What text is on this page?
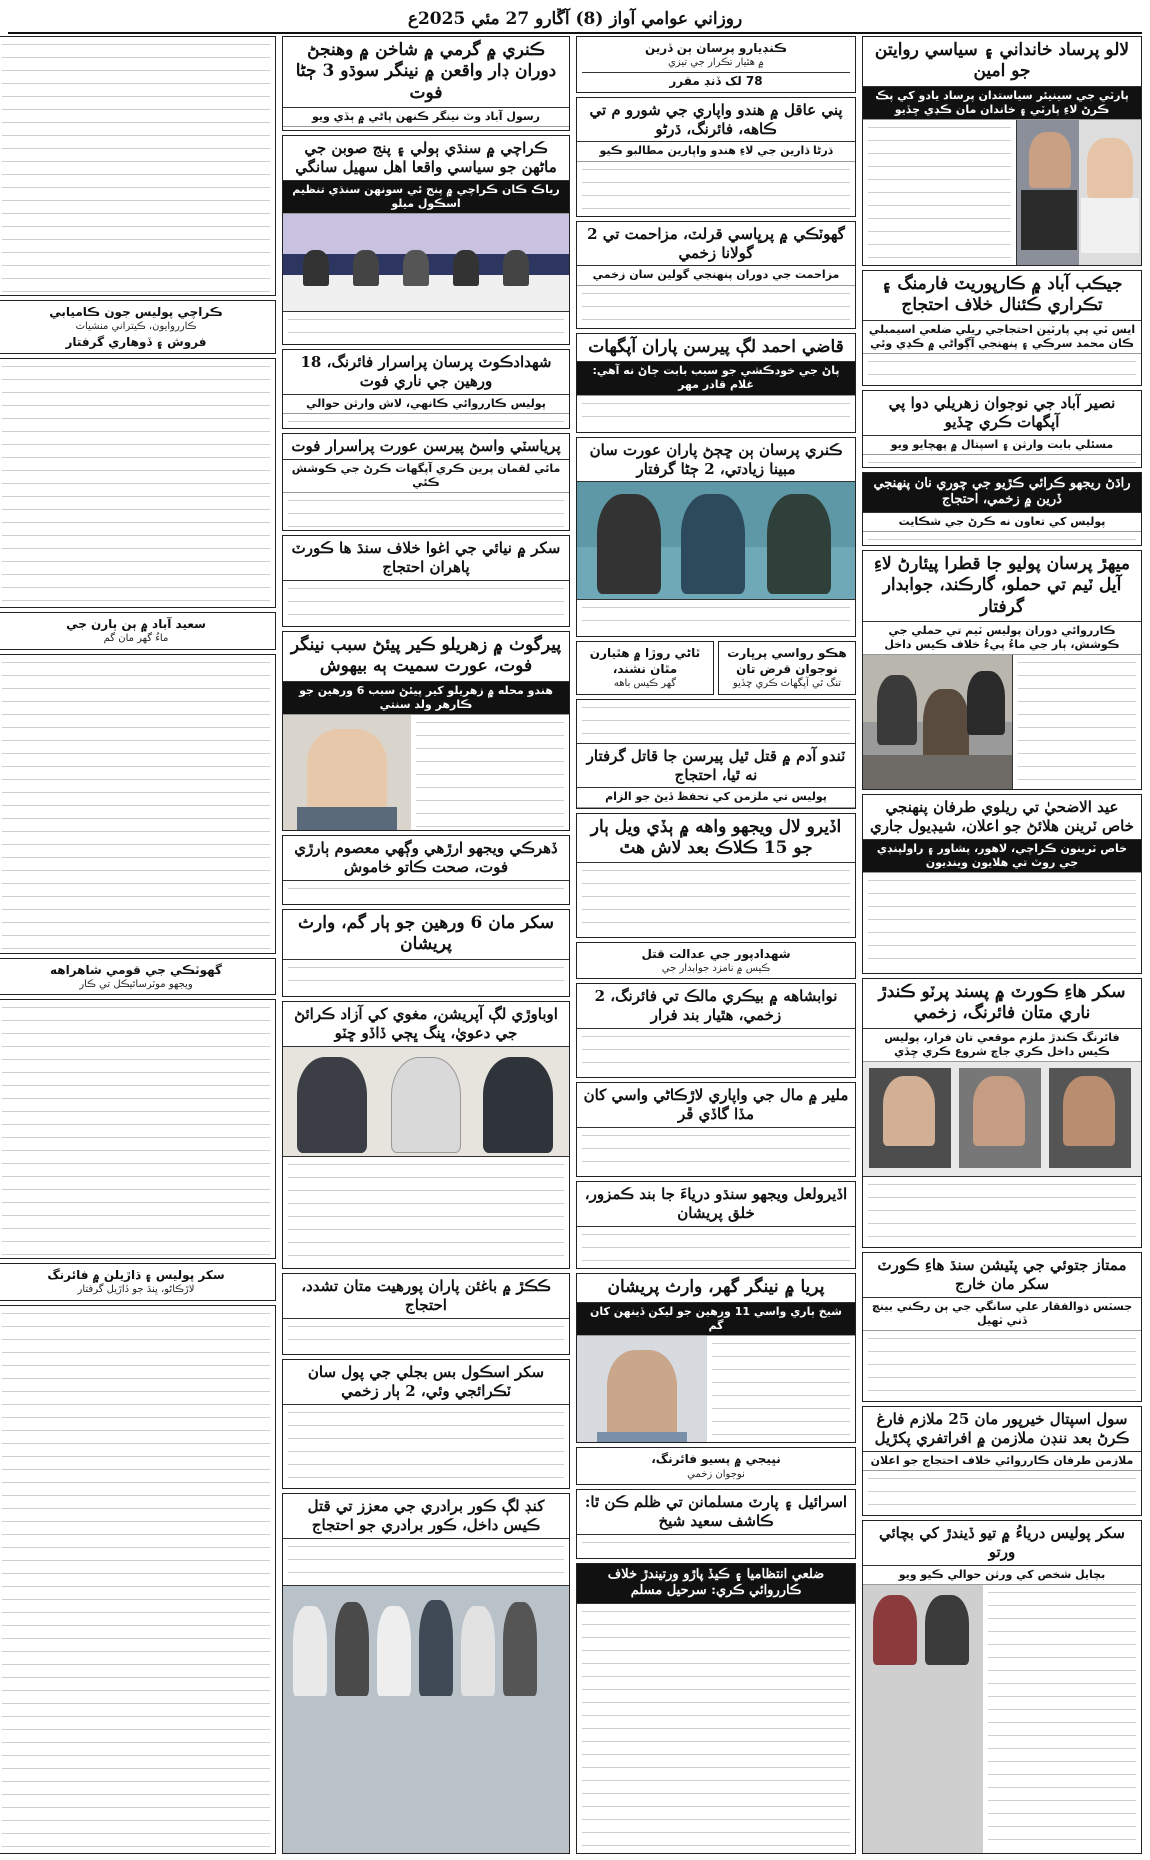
روزاني عوامي آواز (8) آڱارو 27 مئي 2025ع
لالو پرساد خانداني ۽ سياسي روايتن جو امين
پارٽي جي سينيئر سياستدان پرساد يادو کي پڪ ڪرڻ لاءِ پارٽي ۽ خاندان مان ڪڍي ڇڏيو
جيڪب آباد ۾ ڪارپوريٽ فارمنگ ۽ تڪراري ڪئنال خلاف احتجاج
ايس ٽي پي پارٽين احتجاجي ريلي ضلعي اسيمبلي ڪان محمد سرڪي ۽ پنهنجي آڳواڻي ۾ ڪڍي وئي
نصير آباد جي نوجوان زهريلي دوا پي آپگهات ڪري ڇڏيو
مسئلي بابت وارثن ۽ اسپتال ۾ پهچايو ويو
راڌڻ ريجهو ڪرائي ڪڙيو جي چوري نان پنهنجي ڏرين ۾ زخمي، احتجاج
پوليس کي تعاون نه ڪرڻ جي شڪايت
ميهڙ پرسان پوليو جا قطرا پيئارڻ لاءِ آيل ٽيم تي حملو، گارڪند، جوابدار گرفتار
ڪارروائي دوران پوليس ٽيم تي حملي جي ڪوشش، ٻار جي ماءُ پيءُ خلاف ڪيس داخل
عيد الاضحيٰ تي ريلوي طرفان پنهنجي خاص ٽرينن هلائڻ جو اعلان، شيڊيول جاري
خاص ٽرينون ڪراچي، لاهور، پشاور ۽ راولپنڊي جي روٽ تي هلايون وينديون
سکر هاءِ ڪورٽ ۾ پسند پرٽو ڪندڙ ناري متان فائرنگ، زخمي
فائرنگ ڪندڙ ملزم موقعي تان فرار، پوليس ڪيس داخل ڪري جاچ شروع ڪري ڇڏي
ممتاز جتوئي جي پٽيشن سنڌ هاءِ ڪورٽ سکر مان خارج
جسٽس ذوالفقار علي سانگي جي ٻن رڪني بينچ ڏني ٺهيل
سول اسپتال خيرپور مان 25 ملازم فارغ ڪرڻ بعد ننڊن ملازمن ۾ افراتفري پکڙيل
ملازمن طرفان ڪارروائي خلاف احتجاج جو اعلان
سکر پوليس درياءُ ۾ تيو ڏيندڙ کي بچائي ورتو
بچايل شخص کي ورثن حوالي ڪيو ويو
ڪنڊيارو پرسان ٻن ڏرين
۾ هٿيار تڪرار جي تيزي
78 لک ڏنڊ مقرر
پني عاقل ۾ هندو واپاري جي شورو م تي ڪاهه، فائرنگ، ڌرڻو
ڌرڻا ڌارين جي لاءِ هندو واپارين مطالبو ڪيو
گهوٽڪي ۾ پرڀاسي قرلٽ، مزاحمت تي 2 گولانا زخمي
مزاحمت جي دوران پنهنجي گولين سان زخمي
قاضي احمد لڳ پيرسن پاران آپگهات
پاڻ جي خودڪشي جو سبب بابت ڄاڻ نه آهي: غلام قادر مهر
ڪنري پرسان ٻن ڇڄڻ پاران عورت سان مبينا زيادتي، 2 ڄڻا گرفتار
هڪو رواسي پرڀارت نوجوان قرض تان
تنگ ٿي آپگهات ڪري ڇڏيو
ٿاڻي روڙا ۾ هٿيارن مٿان نشند،
گهر ڪيس باهه
ٽندو آدم ۾ قتل ٿيل پيرسن جا قاتل گرفتار نه ٿيا، احتجاج
پوليس تي ملزمن کي تحفظ ڏيڻ جو الزام
اڏيرو لال ويجهو واهه ۾ ٻڏي ويل ٻار جو 15 ڪلاڪ بعد لاش هٿ
شهدادپور جي عدالت قتل
ڪيس ۾ نامزد جوابدار جي
نوابشاهه ۾ بيڪري مالڪ تي فائرنگ، 2 زخمي، هٿيار بند فرار
ملير ۾ مال جي واپاري لاڙڪاڻي واسي کان مڏا گاڏي ڦر
اڏيرولعل ويجهو سنڌو درياءَ جا بند ڪمزور، خلق پريشان
پريا ۾ نينگر گهر، وارث پريشان
شيخ ٻاري واسي 11 ورهين جو ليکن ڏينهن کان گم
نڀيجي ۾ پسيو فائرنگ،
نوجوان زخمي
اسرائيل ۽ پارٽ مسلمانن تي ظلم ڪن ٿا: ڪاشف سعيد شيخ
ضلعي انتظاميا ۽ ڪيڏ پاڙو ورتيندڙ خلاف ڪارروائي ڪري: سرحيل مسلم
ڪنري ۾ گرمي ۾ شاخن ۾ وهنجڻ دوران ڊار واقعن ۾ نينگر سوڌو 3 ڄڻا فوت
رسول آباد وٽ نينگر ڪنهن پاڻي ۾ ٻڏي ويو
ڪراچي ۾ سنڌي ٻولي ۽ پنج صوبن جي ماڻهن جو سياسي واقعا اهل سهيل سانگي
رياڪ ڪان ڪراچي ۾ پنج ئي سونهن سنڌي تنظيم اسڪول ميلو
شهدادڪوٽ پرسان پراسرار فائرنگ، 18 ورهين جي ناري فوت
پوليس ڪارروائي ڪانهي، لاش وارثن حوالي
پرياسٽي واسڻ پيرسن عورت پراسرار فوت
مائي لقمان پرين ڪري آپگهات ڪرڻ جي ڪوشش ڪئي
سکر ۾ نيائي جي اغوا خلاف سنڌ ها ڪورٽ پاهران احتجاج
پيرگوٺ ۾ زهريلو ڪير پيئڻ سبب نينگر فوت، عورت سميت ٻه بيهوش
هندو محله ۾ زهريلو کير پيئڻ سبب 6 ورهين جو ڪارهر ولد سنتي
ڏهرڪي ويجهو ارڙهي وڳهي معصوم ٻارڙي فوت، صحت ڪاتو خاموش
سکر مان 6 ورهين جو ٻار گم، وارث پريشان
اوباوڙي لڳ آپريشن، مغوي کي آزاد ڪرائڻ جي دعويٰ، ڀنگ ڀڄي ڏاڏو ڇٽو
ڪڪڙ ۾ باغئن پاران پورهيت متان تشدد، احتجاج
سکر اسڪول بس بجلي جي پول سان ٽڪرائجي وئي، 2 ٻار زخمي
کنڊ لڳ ڪور برادري جي معزز تي قتل ڪيس داخل، ڪور برادري جو احتجاج
ڪراچي پوليس جون ڪاميابي
ڪارروايون، ڪيتراني منشيات
فروش ۽ ڏوهاري گرفتار
سعيد آباد ۾ ٻن ٻارن جي
ماءُ گهر مان گم
گهوٽڪي جي قومي شاهراهه
ويجهو موٽرسائيڪل تي ڪار
سکر پوليس ۽ ڌاڙيلن ۾ فائرنگ
لاڙڪاڻو، ڀنڌ جو ڏاڙيل گرفتار
